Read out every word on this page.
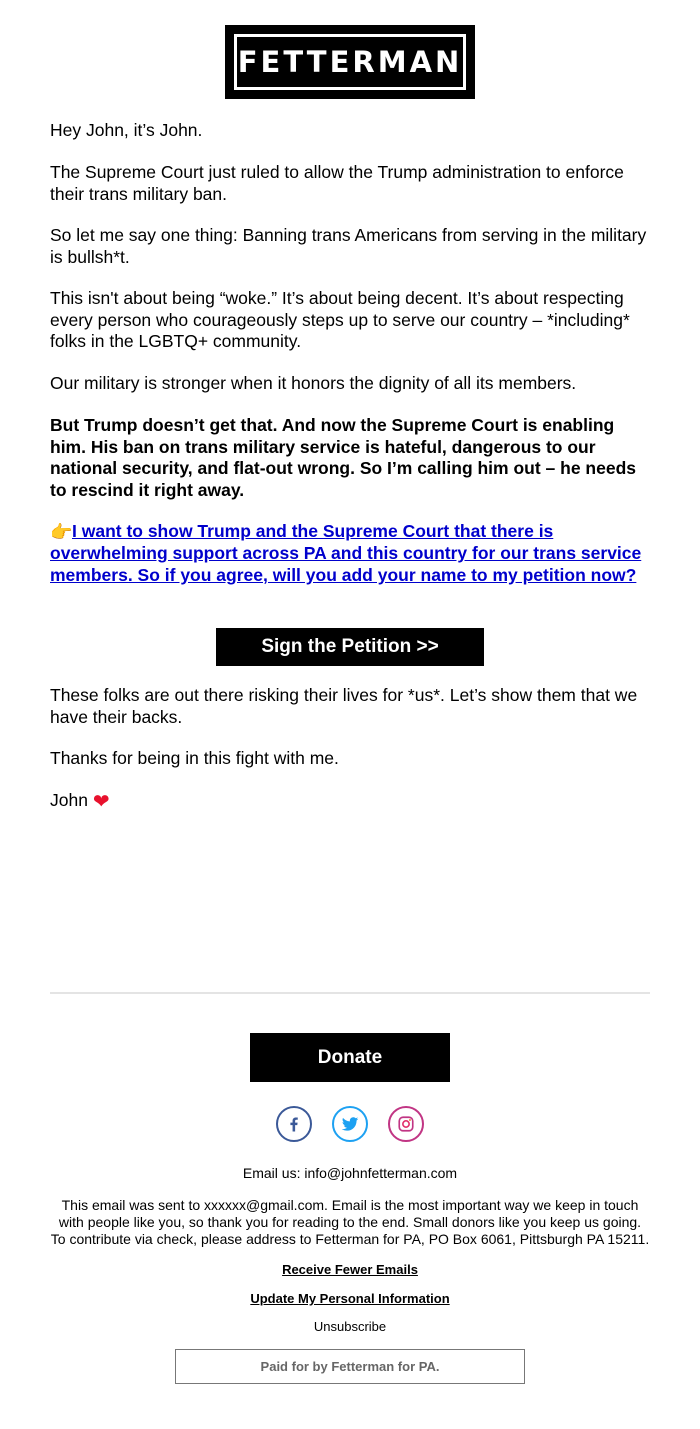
FETTERMAN

Hey John, it’s John.

The Supreme Court just ruled to allow the Trump administration to enforce their trans military ban.

So let me say one thing: Banning trans Americans from serving in the military is bullsh*t.

This isn't about being “woke.” It’s about being decent. It’s about respecting every person who courageously steps up to serve our country – *including* folks in the LGBTQ+ community.

Our military is stronger when it honors the dignity of all its members.

But Trump doesn’t get that. And now the Supreme Court is enabling him. His ban on trans military service is hateful, dangerous to our national security, and flat-out wrong. So I’m calling him out – he needs to rescind it right away.

👉I want to show Trump and the Supreme Court that there is overwhelming support across PA and this country for our trans service members. So if you agree, will you add your name to my petition now?

Sign the Petition >>

These folks are out there risking their lives for *us*. Let’s show them that we have their backs.

Thanks for being in this fight with me.

John ❤

Donate

Email us: info@johnfetterman.com

This email was sent to xxxxxx@gmail.com. Email is the most important way we keep in touch with people like you, so thank you for reading to the end. Small donors like you keep us going. To contribute via check, please address to Fetterman for PA, PO Box 6061, Pittsburgh PA 15211.

Receive Fewer Emails

Update My Personal Information

Unsubscribe

Paid for by Fetterman for PA.
